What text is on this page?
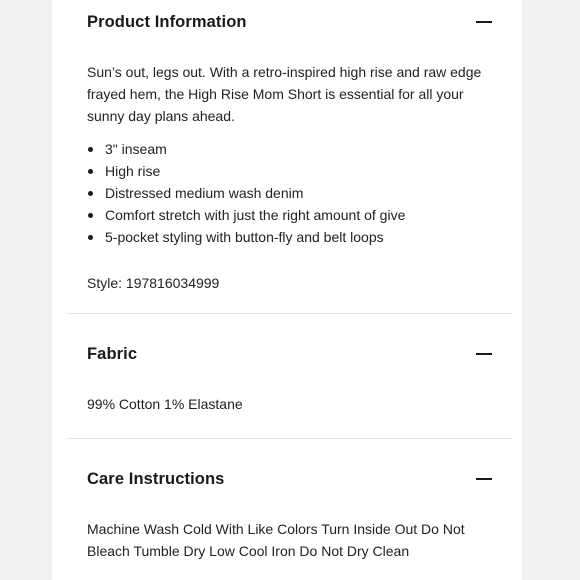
Product Information

Sun’s out, legs out. With a retro-inspired high rise and raw edge frayed hem, the High Rise Mom Short is essential for all your sunny day plans ahead.

3" inseam
High rise
Distressed medium wash denim
Comfort stretch with just the right amount of give
5-pocket styling with button-fly and belt loops

Style: 197816034999

Fabric

99% Cotton 1% Elastane

Care Instructions

Machine Wash Cold With Like Colors Turn Inside Out Do Not Bleach Tumble Dry Low Cool Iron Do Not Dry Clean
